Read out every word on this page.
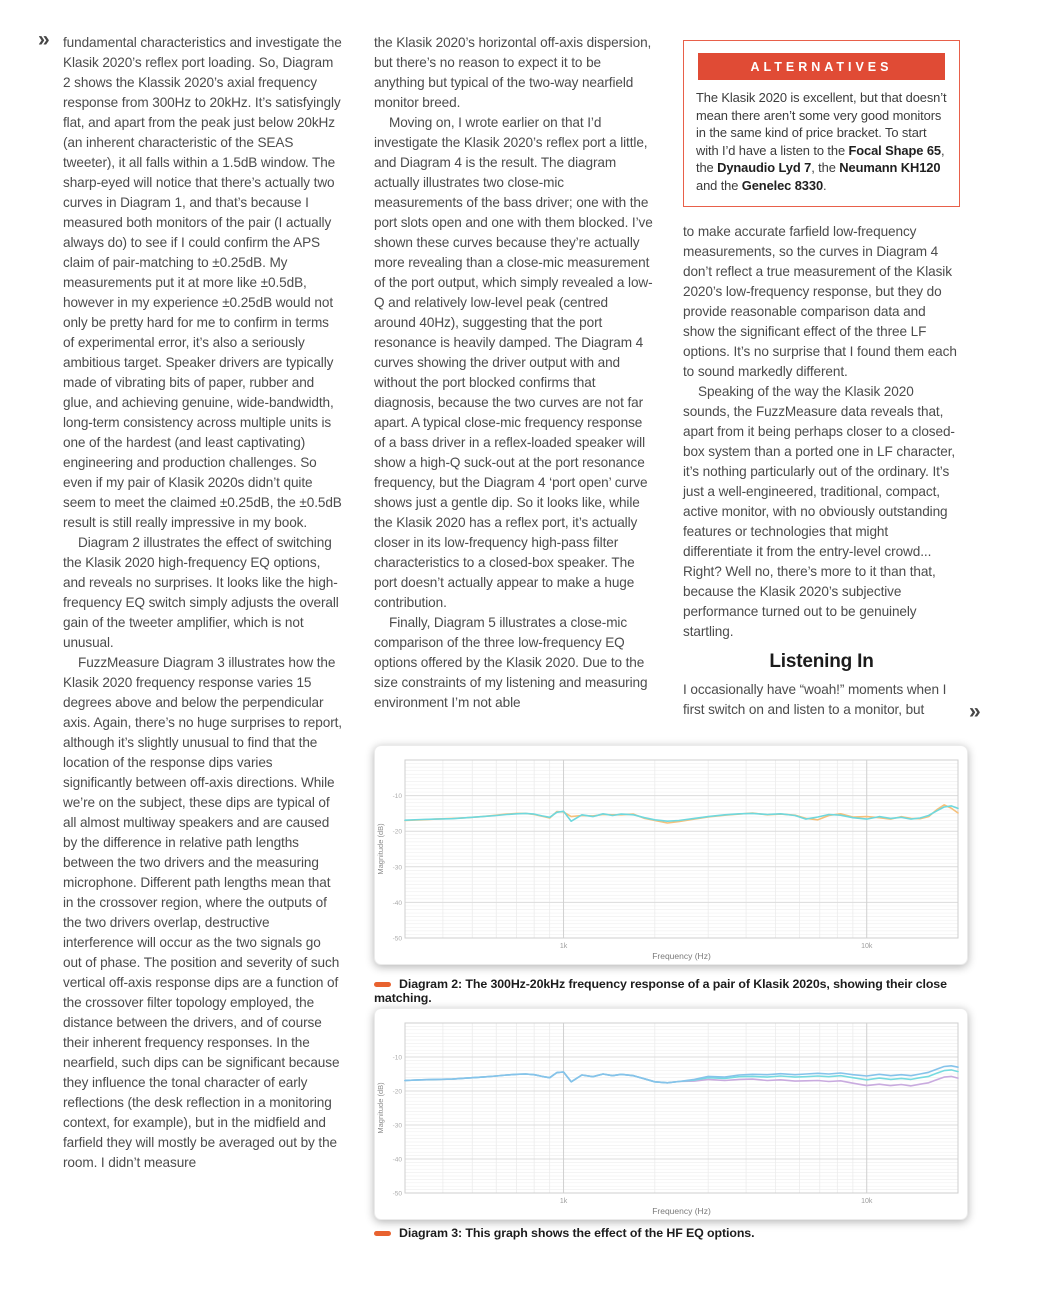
» fundamental characteristics and investigate the Klasik 2020’s reflex port loading. So, Diagram 2 shows the Klassik 2020’s axial frequency response from 300Hz to 20kHz. It’s satisfyingly flat, and apart from the peak just below 20kHz (an inherent characteristic of the SEAS tweeter), it all falls within a 1.5dB window. The sharp-eyed will notice that there’s actually two curves in Diagram 1, and that’s because I measured both monitors of the pair (I actually always do) to see if I could confirm the APS claim of pair-matching to ±0.25dB. My measurements put it at more like ±0.5dB, however in my experience ±0.25dB would not only be pretty hard for me to confirm in terms of experimental error, it’s also a seriously ambitious target. Speaker drivers are typically made of vibrating bits of paper, rubber and glue, and achieving genuine, wide-bandwidth, long-term consistency across multiple units is one of the hardest (and least captivating) engineering and production challenges. So even if my pair of Klasik 2020s didn’t quite seem to meet the claimed ±0.25dB, the ±0.5dB result is still really impressive in my book.

Diagram 2 illustrates the effect of switching the Klasik 2020 high-frequency EQ options, and reveals no surprises. It looks like the high-frequency EQ switch simply adjusts the overall gain of the tweeter amplifier, which is not unusual.

FuzzMeasure Diagram 3 illustrates how the Klasik 2020 frequency response varies 15 degrees above and below the perpendicular axis. Again, there’s no huge surprises to report, although it’s slightly unusual to find that the location of the response dips varies significantly between off-axis directions. While we’re on the subject, these dips are typical of all almost multiway speakers and are caused by the difference in relative path lengths between the two drivers and the measuring microphone. Different path lengths mean that in the crossover region, where the outputs of the two drivers overlap, destructive interference will occur as the two signals go out of phase. The position and severity of such vertical off-axis response dips are a function of the crossover filter topology employed, the distance between the drivers, and of course their inherent frequency responses. In the nearfield, such dips can be significant because they influence the tonal character of early reflections (the desk reflection in a monitoring context, for example), but in the midfield and farfield they will mostly be averaged out by the room. I didn’t measure

the Klasik 2020’s horizontal off-axis dispersion, but there’s no reason to expect it to be anything but typical of the two-way nearfield monitor breed.

Moving on, I wrote earlier on that I’d investigate the Klasik 2020’s reflex port a little, and Diagram 4 is the result. The diagram actually illustrates two close-mic measurements of the bass driver; one with the port slots open and one with them blocked. I’ve shown these curves because they’re actually more revealing than a close-mic measurement of the port output, which simply revealed a low-Q and relatively low-level peak (centred around 40Hz), suggesting that the port resonance is heavily damped. The Diagram 4 curves showing the driver output with and without the port blocked confirms that diagnosis, because the two curves are not far apart. A typical close-mic frequency response of a bass driver in a reflex-loaded speaker will show a high-Q suck-out at the port resonance frequency, but the Diagram 4 ‘port open’ curve shows just a gentle dip. So it looks like, while the Klasik 2020 has a reflex port, it’s actually closer in its low-frequency high-pass filter characteristics to a closed-box speaker. The port doesn’t actually appear to make a huge contribution.

Finally, Diagram 5 illustrates a close-mic comparison of the three low-frequency EQ options offered by the Klasik 2020. Due to the size constraints of my listening and measuring environment I’m not able

ALTERNATIVES

The Klasik 2020 is excellent, but that doesn’t mean there aren’t some very good monitors in the same kind of price bracket. To start with I’d have a listen to the Focal Shape 65, the Dynaudio Lyd 7, the Neumann KH120 and the Genelec 8330.

to make accurate farfield low-frequency measurements, so the curves in Diagram 4 don’t reflect a true measurement of the Klasik 2020’s low-frequency response, but they do provide reasonable comparison data and show the significant effect of the three LF options. It’s no surprise that I found them each to sound markedly different.

Speaking of the way the Klasik 2020 sounds, the FuzzMeasure data reveals that, apart from it being perhaps closer to a closed-box system than a ported one in LF character, it’s nothing particularly out of the ordinary. It’s just a well-engineered, traditional, compact, active monitor, with no obviously outstanding features or technologies that might differentiate it from the entry-level crowd... Right? Well no, there’s more to it than that, because the Klasik 2020’s subjective performance turned out to be genuinely startling.

Listening In

I occasionally have “woah!” moments when I first switch on and listen to a monitor, but	»
-10
-20
-30
-40
-50
1k	10k
Magnitude (dB)
Frequency (Hz)
Diagram 2: The 300Hz-20kHz frequency response of a pair of Klasik 2020s, showing their close matching.
-10
-20
-30
-40
-50
1k	10k
Magnitude (dB)
Frequency (Hz)
Diagram 3: This graph shows the effect of the HF EQ options.
